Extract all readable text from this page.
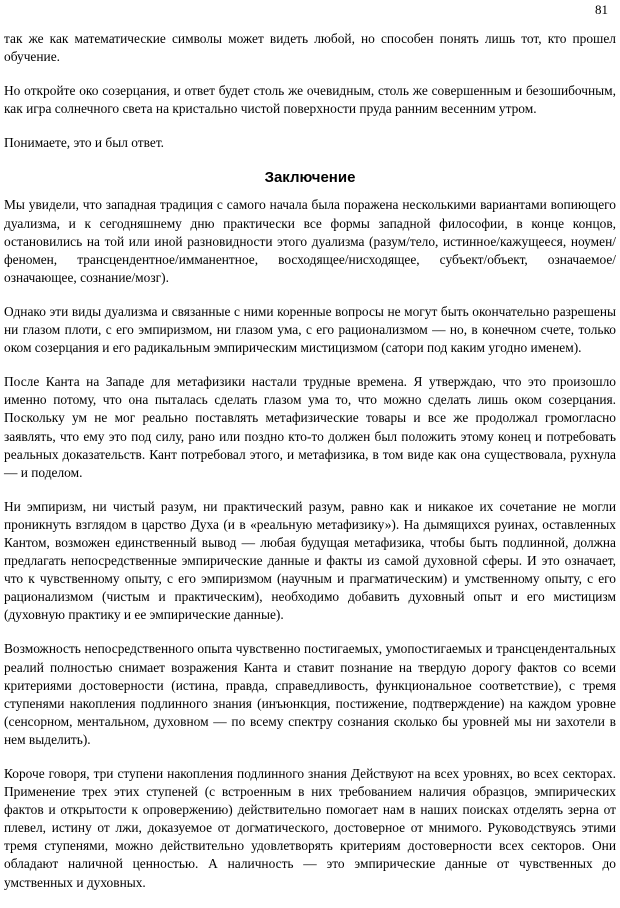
81

так же как математические символы может видеть любой, но способен понять лишь тот, кто прошел обучение.

Но откройте око созерцания, и ответ будет столь же очевидным, столь же совершенным и безошибочным, как игра солнечного света на кристально чистой поверхности пруда ранним весенним утром.

Понимаете, это и был ответ.

Заключение

Мы увидели, что западная традиция с самого начала была поражена несколькими вариантами вопиющего дуализма, и к сегодняшнему дню практически все формы западной философии, в конце концов, остановились на той или иной разновидности этого дуализма (разум/тело, истинное/кажущееся, ноумен/феномен, трансцендентное/имманентное, восходящее/нисходящее, субъект/объект, означаемое/означающее, сознание/мозг).

Однако эти виды дуализма и связанные с ними коренные вопросы не могут быть окончательно разрешены ни глазом плоти, с его эмпиризмом, ни глазом ума, с его рационализмом — но, в конечном счете, только оком созерцания и его радикальным эмпирическим мистицизмом (сатори под каким угодно именем).

После Канта на Западе для метафизики настали трудные времена. Я утверждаю, что это произошло именно потому, что она пыталась сделать глазом ума то, что можно сделать лишь оком созерцания. Поскольку ум не мог реально поставлять метафизические товары и все же продолжал громогласно заявлять, что ему это под силу, рано или поздно кто-то должен был положить этому конец и потребовать реальных доказательств. Кант потребовал этого, и метафизика, в том виде как она существовала, рухнула — и поделом.

Ни эмпиризм, ни чистый разум, ни практический разум, равно как и никакое их сочетание не могли проникнуть взглядом в царство Духа (и в «реальную метафизику»). На дымящихся руинах, оставленных Кантом, возможен единственный вывод — любая будущая метафизика, чтобы быть подлинной, должна предлагать непосредственные эмпирические данные и факты из самой духовной сферы. И это означает, что к чувственному опыту, с его эмпиризмом (научным и прагматическим) и умственному опыту, с его рационализмом (чистым и практическим), необходимо добавить духовный опыт и его мистицизм (духовную практику и ее эмпирические данные).

Возможность непосредственного опыта чувственно постигаемых, умопостигаемых и трансцендентальных реалий полностью снимает возражения Канта и ставит познание на твердую дорогу фактов со всеми критериями достоверности (истина, правда, справедливость, функциональное соответствие), с тремя ступенями накопления подлинного знания (инъюнкция, постижение, подтверждение) на каждом уровне (сенсорном, ментальном, духовном — по всему спектру сознания сколько бы уровней мы ни захотели в нем выделить).

Короче говоря, три ступени накопления подлинного знания Действуют на всех уровнях, во всех секторах. Применение трех этих ступеней (с встроенным в них требованием наличия образцов, эмпирических фактов и открытости к опровержению) действительно помогает нам в наших поисках отделять зерна от плевел, истину от лжи, доказуемое от догматического, достоверное от мнимого. Руководствуясь этими тремя ступенями, можно действительно удовлетворять критериям достоверности всех секторов. Они обладают наличной ценностью. А наличность — это эмпирические данные от чувственных до умственных и духовных.
